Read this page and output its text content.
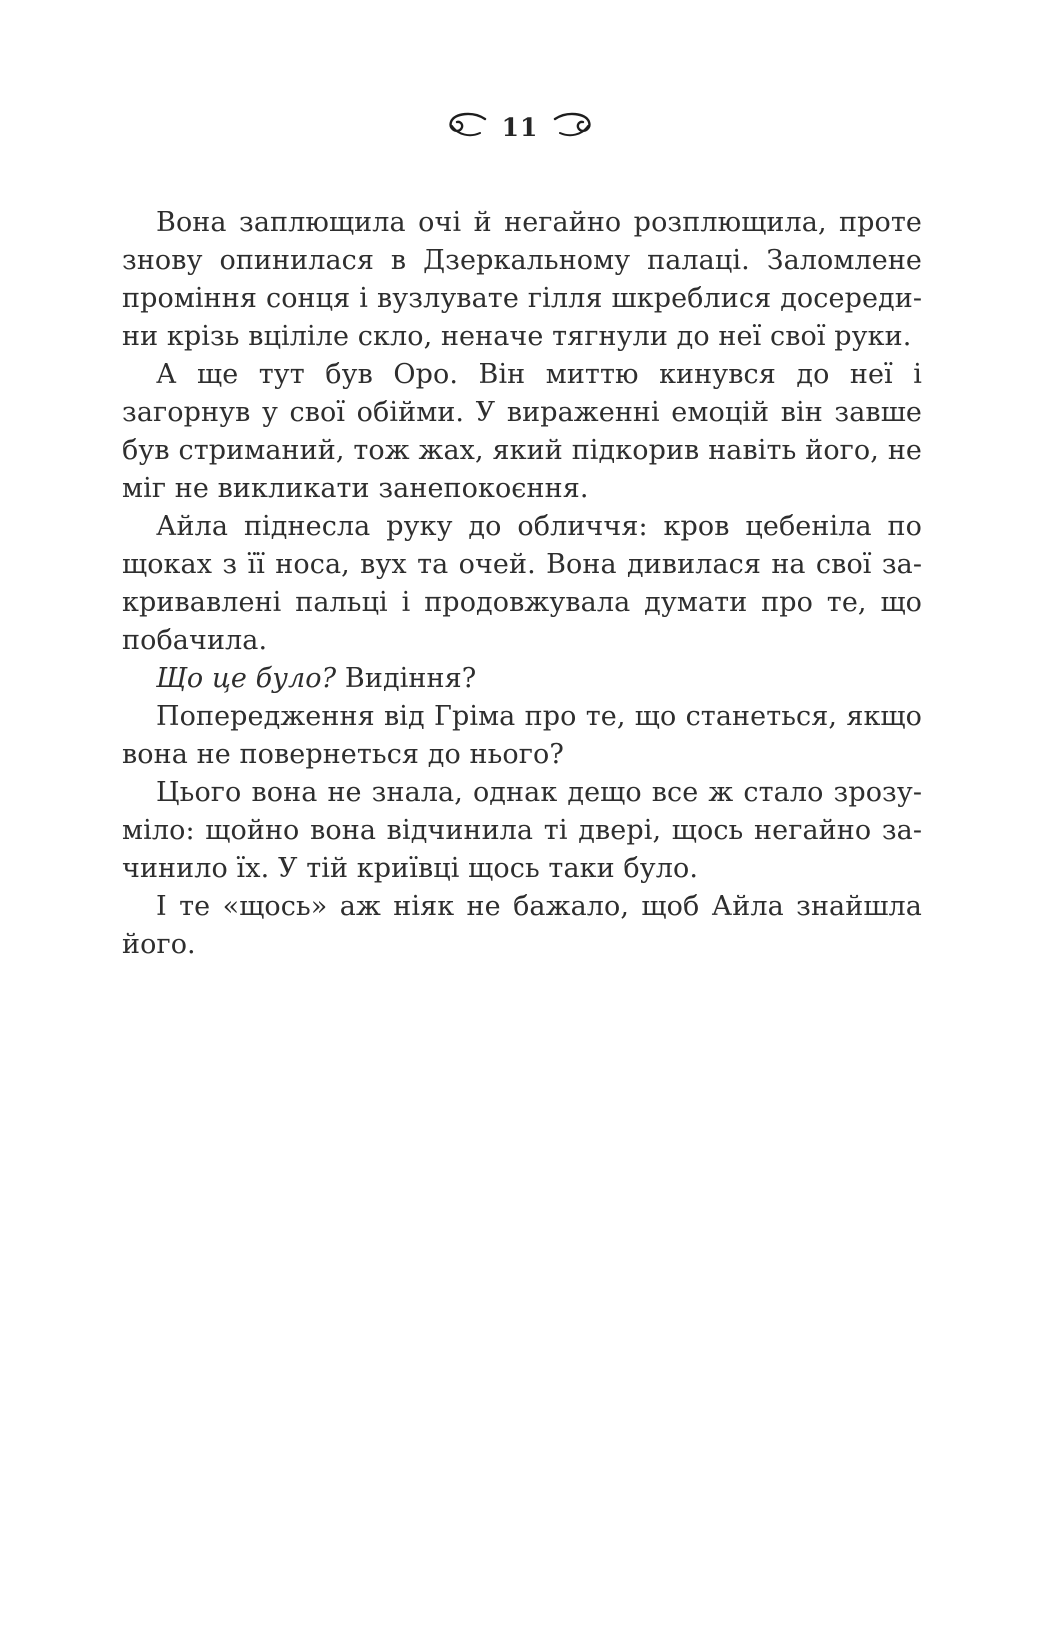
11

Вона заплющила очі й негайно розплющила, проте знову опинилася в Дзеркальному палаці. Заломлене проміння сонця і вузлувате гілля шкреблися досередини крізь вціліле скло, неначе тягнули до неї свої руки.

А ще тут був Оро. Він миттю кинувся до неї і загорнув у свої обійми. У вираженні емоцій він завше був стриманий, тож жах, який підкорив навіть його, не міг не викликати занепокоєння.

Айла піднесла руку до обличчя: кров цебеніла по щоках з її носа, вух та очей. Вона дивилася на свої закривавлені пальці і продовжувала думати про те, що побачила.

Що це було? Видіння?

Попередження від Гріма про те, що станеться, якщо вона не повернеться до нього?

Цього вона не знала, однак дещо все ж стало зрозуміло: щойно вона відчинила ті двері, щось негайно зачинило їх. У тій криївці щось таки було.

І те «щось» аж ніяк не бажало, щоб Айла знайшла його.
